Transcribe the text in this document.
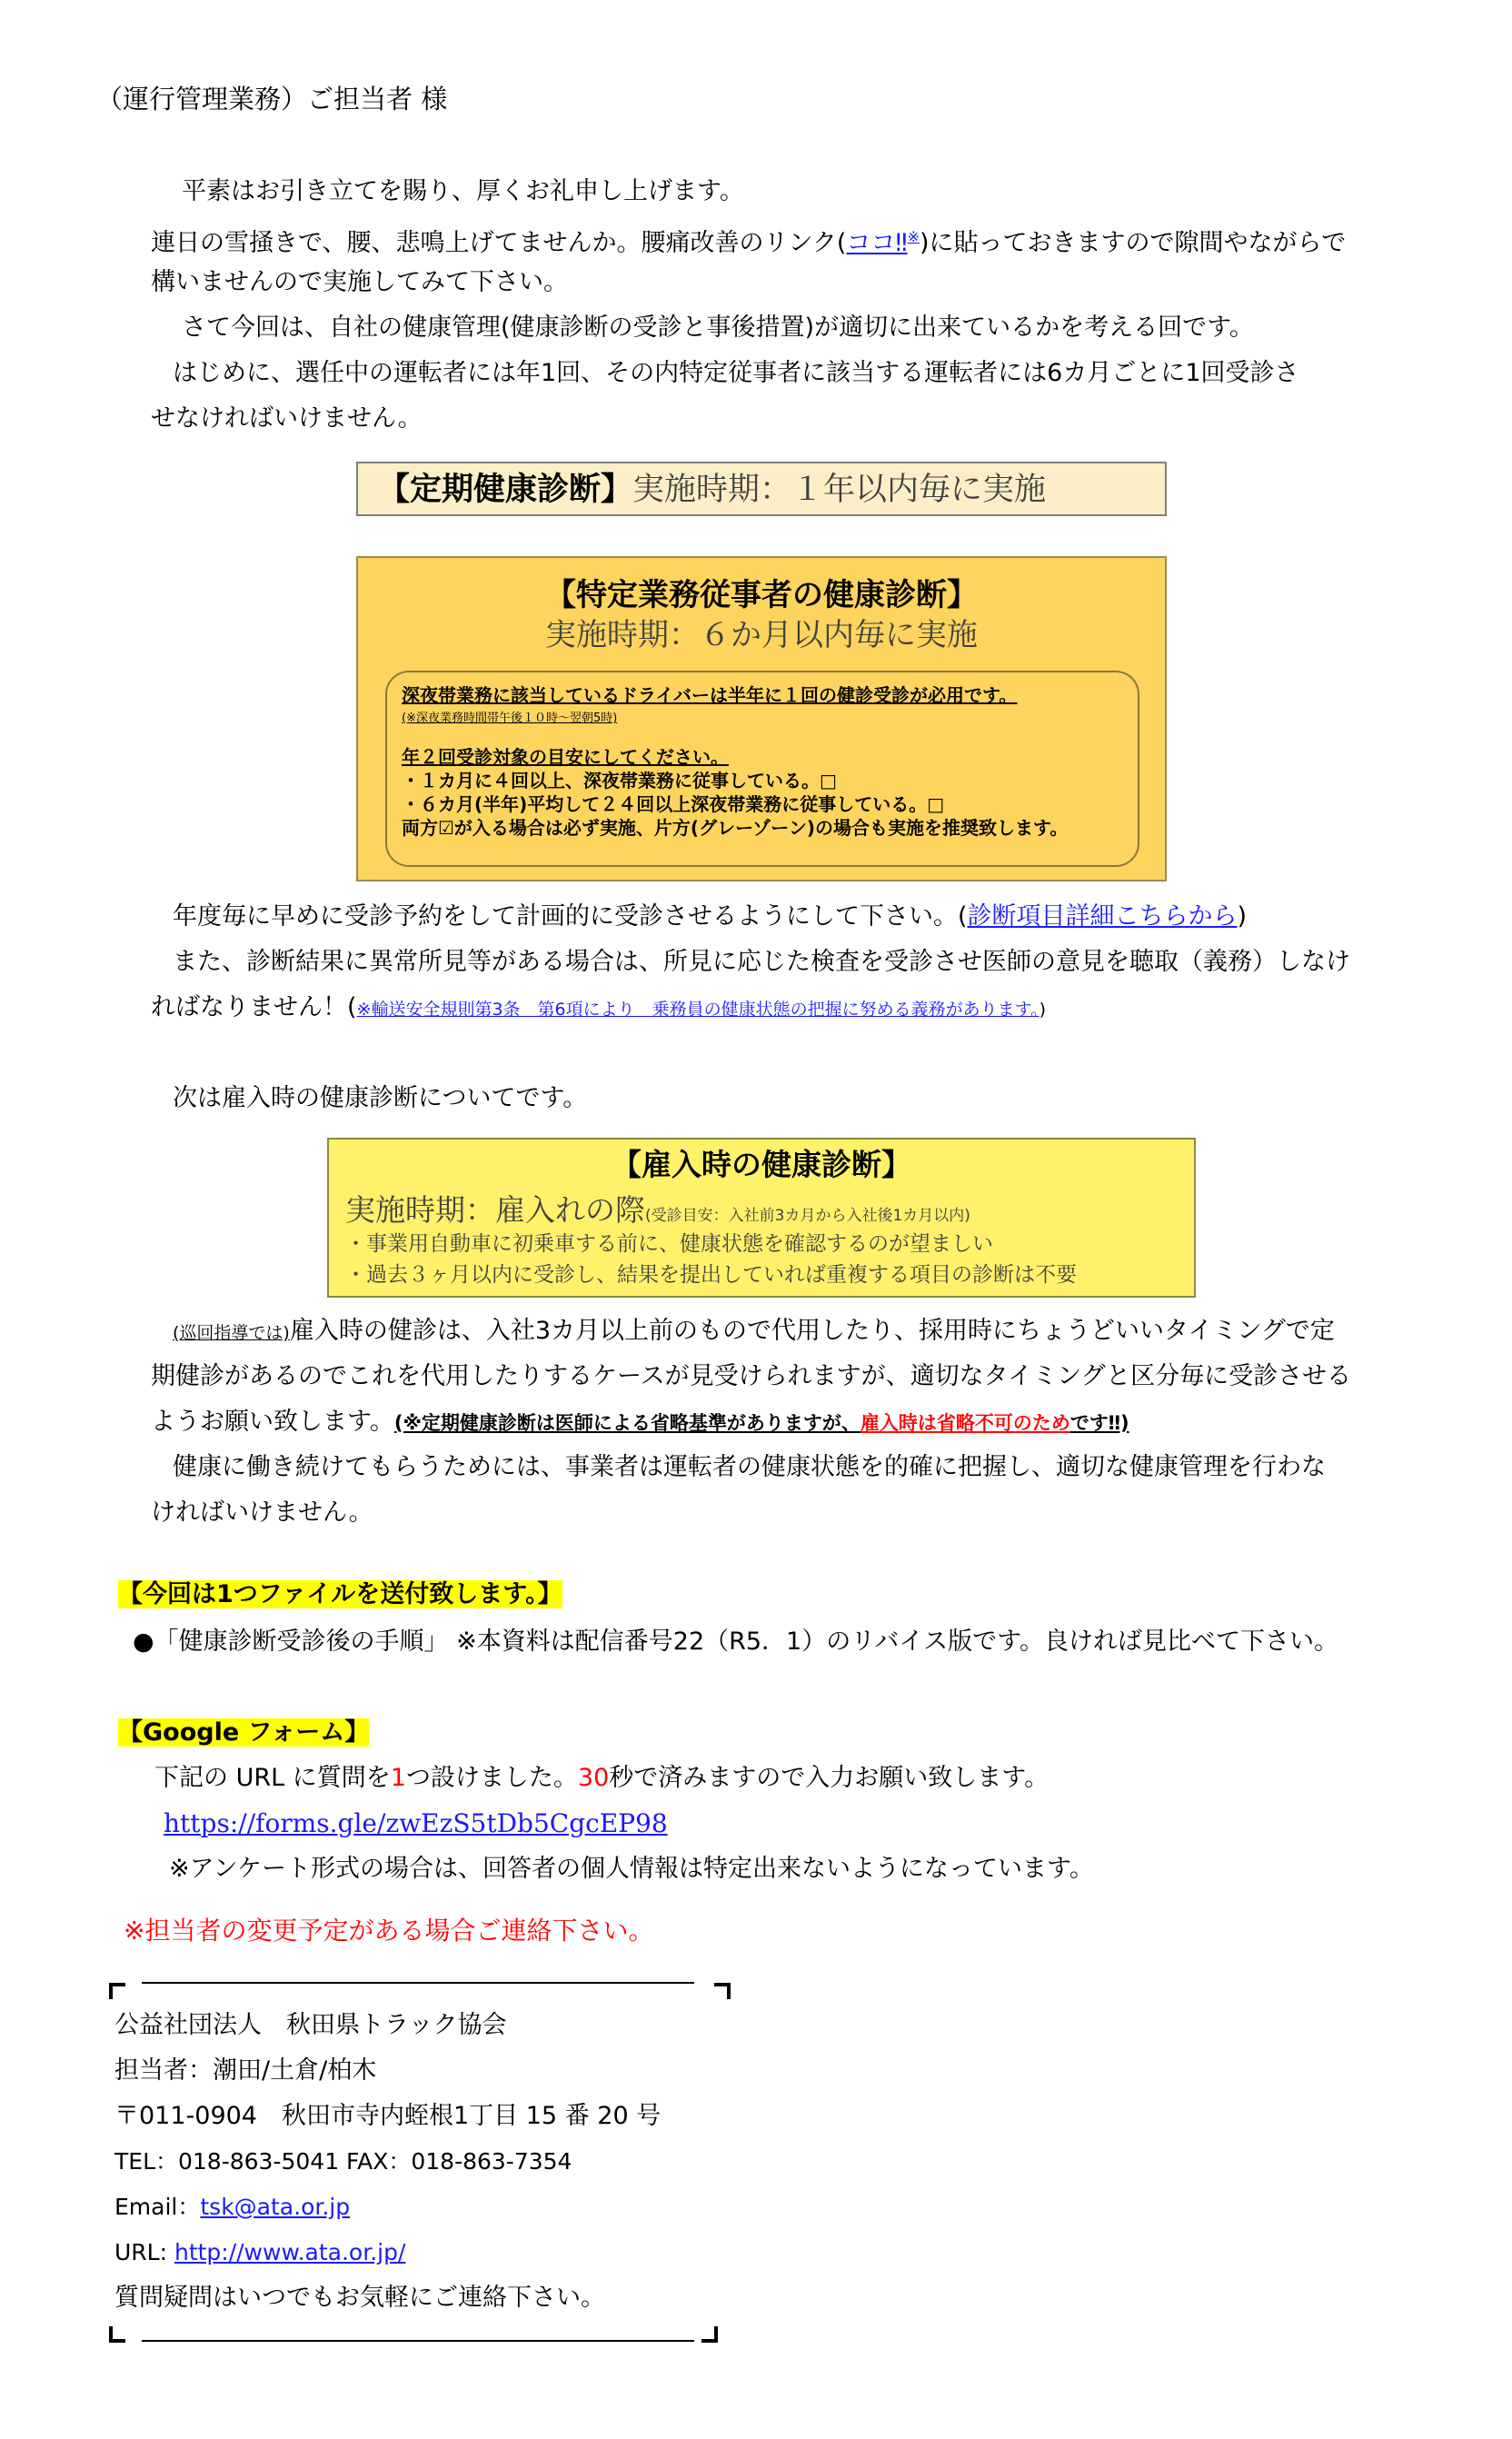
（運行管理業務）ご担当者 様
平素はお引き立てを賜り、厚くお礼申し上げます。
連日の雪掻きで、腰、悲鳴上げてませんか。腰痛改善のリンク(ココ‼※)に貼っておきますので隙間やながらで
構いませんので実施してみて下さい。
さて今回は、自社の健康管理(健康診断の受診と事後措置)が適切に出来ているかを考える回です。
はじめに、選任中の運転者には年1回、その内特定従事者に該当する運転者には6カ月ごとに1回受診さ
せなければいけません。
【定期健康診断】実施時期：１年以内毎に実施
【特定業務従事者の健康診断】
実施時期：６か月以内毎に実施
深夜帯業務に該当しているドライバーは半年に１回の健診受診が必用です。
(※深夜業務時間帯午後１０時～翌朝5時)
年２回受診対象の目安にしてください。
・１カ月に４回以上、深夜帯業務に従事している。□
・６カ月(半年)平均して２４回以上深夜帯業務に従事している。□
両方☑が入る場合は必ず実施、片方(グレーゾーン)の場合も実施を推奨致します。
年度毎に早めに受診予約をして計画的に受診させるようにして下さい。(診断項目詳細こちらから)
また、診断結果に異常所見等がある場合は、所見に応じた検査を受診させ医師の意見を聴取（義務）しなけ
ればなりません！(※輸送安全規則第3条　第6項により　乗務員の健康状態の把握に努める義務があります。)
次は雇入時の健康診断についてです。
【雇入時の健康診断】
実施時期：雇入れの際(受診目安：入社前3カ月から入社後1カ月以内)
・事業用自動車に初乗車する前に、健康状態を確認するのが望ましい
・過去３ヶ月以内に受診し、結果を提出していれば重複する項目の診断は不要
(巡回指導では)雇入時の健診は、入社3カ月以上前のもので代用したり、採用時にちょうどいいタイミングで定
期健診があるのでこれを代用したりするケースが見受けられますが、適切なタイミングと区分毎に受診させる
ようお願い致します。(※定期健康診断は医師による省略基準がありますが、雇入時は省略不可のためです‼)
健康に働き続けてもらうためには、事業者は運転者の健康状態を的確に把握し、適切な健康管理を行わな
ければいけません。
【今回は1つファイルを送付致します。】
●「健康診断受診後の手順」 ※本資料は配信番号22（R5．1）のリバイス版です。良ければ見比べて下さい。
【Google フォーム】
下記の URL に質問を1つ設けました。30秒で済みますので入力お願い致します。
https://forms.gle/zwEzS5tDb5CgcEP98
※アンケート形式の場合は、回答者の個人情報は特定出来ないようになっています。
※担当者の変更予定がある場合ご連絡下さい。
公益社団法人　秋田県トラック協会
担当者：潮田/土倉/柏木
〒011-0904　秋田市寺内蛭根1丁目 15 番 20 号
TEL：018-863-5041 FAX：018-863-7354
Email：tsk@ata.or.jp
URL: http://www.ata.or.jp/
質問疑問はいつでもお気軽にご連絡下さい。
